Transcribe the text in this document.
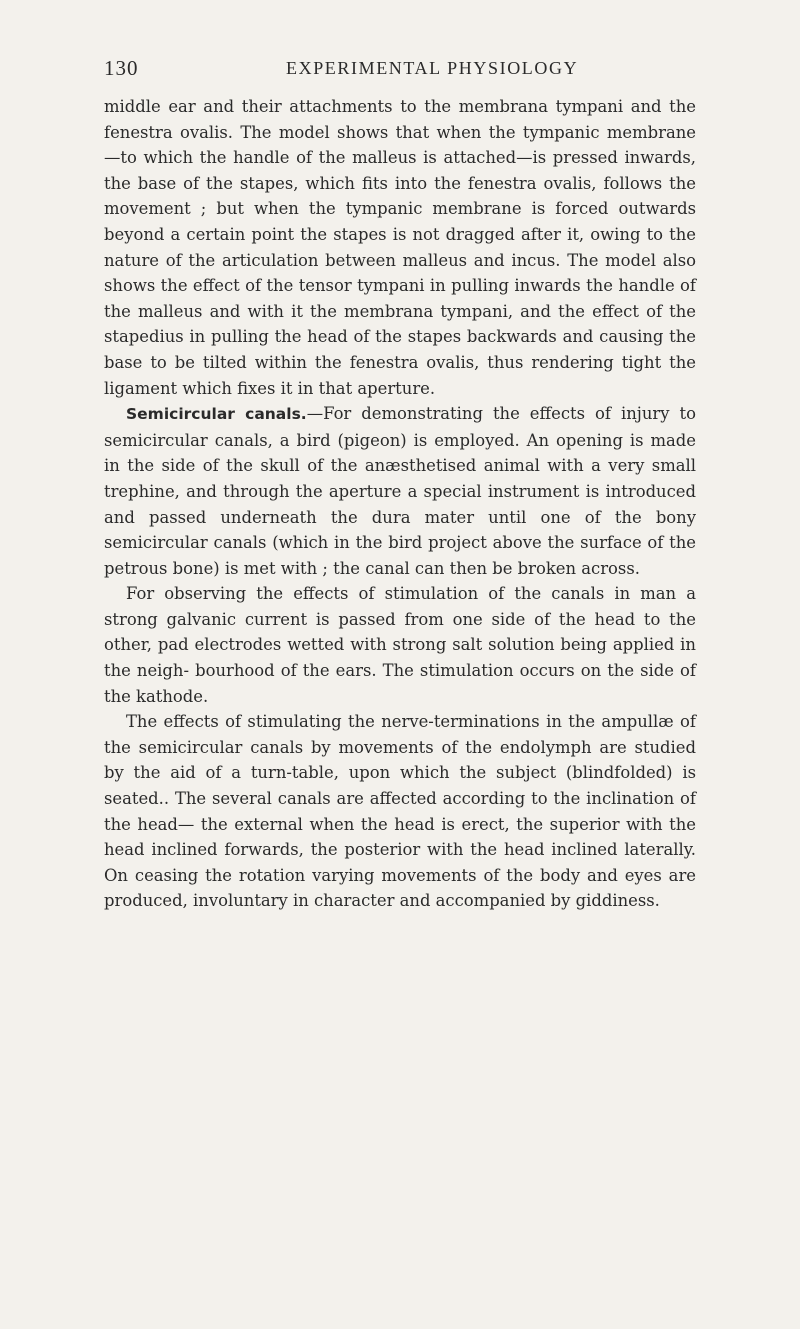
130	EXPERIMENTAL PHYSIOLOGY

middle ear and their attachments to the membrana tympani and the fenestra ovalis. The model shows that when the tympanic membrane —to which the handle of the malleus is attached—is pressed inwards, the base of the stapes, which fits into the fenestra ovalis, follows the movement ; but when the tympanic membrane is forced outwards beyond a certain point the stapes is not dragged after it, owing to the nature of the articulation between malleus and incus. The model also shows the effect of the tensor tympani in pulling inwards the handle of the malleus and with it the membrana tympani, and the effect of the stapedius in pulling the head of the stapes backwards and causing the base to be tilted within the fenestra ovalis, thus rendering tight the ligament which fixes it in that aperture.

Semicircular canals.—For demonstrating the effects of injury to semicircular canals, a bird (pigeon) is employed. An opening is made in the side of the skull of the anæsthetised animal with a very small trephine, and through the aperture a special instrument is introduced and passed underneath the dura mater until one of the bony semicircular canals (which in the bird project above the surface of the petrous bone) is met with ; the canal can then be broken across.

For observing the effects of stimulation of the canals in man a strong galvanic current is passed from one side of the head to the other, pad electrodes wetted with strong salt solution being applied in the neigh- bourhood of the ears. The stimulation occurs on the side of the kathode.

The effects of stimulating the nerve-terminations in the ampullæ of the semicircular canals by movements of the endolymph are studied by the aid of a turn-table, upon which the subject (blindfolded) is seated.. The several canals are affected according to the inclination of the head— the external when the head is erect, the superior with the head inclined forwards, the posterior with the head inclined laterally. On ceasing the rotation varying movements of the body and eyes are produced, involuntary in character and accompanied by giddiness.
